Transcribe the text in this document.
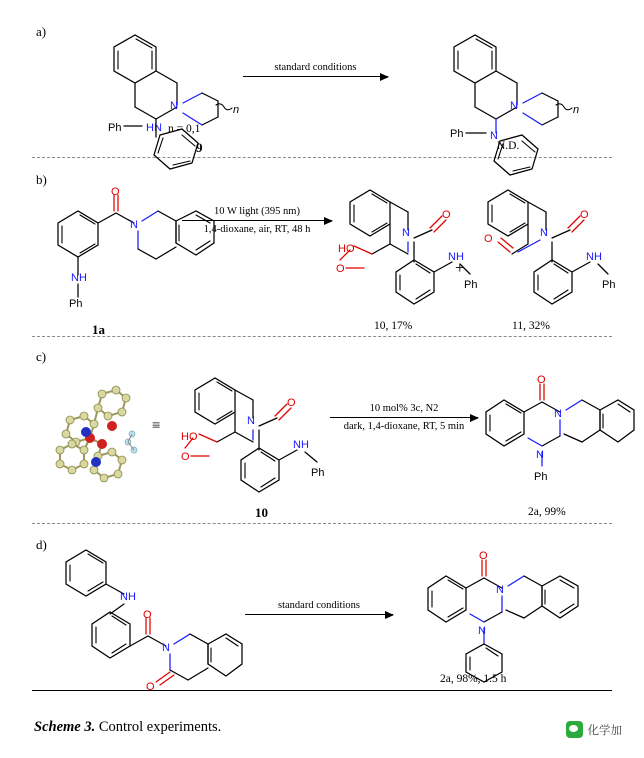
a)
N	n
HN
Ph	n = 0,1
9
standard conditions
N	n
N
Ph
N.D.
b)
O
N
NH
Ph
1a
10 W light (395 nm)
1,4-dioxane, air, RT, 48 h	N
HO
O
O
NH
Ph
10, 17%
+
N
O
O
NH
Ph
11, 32%
c)
≡	N
HO
O
O
NH
Ph
10
10 mol% 3c, N2
dark, 1,4-dioxane, RT, 5 min
O
N
N
Ph
2a, 99%
d)
NH
O
N
O
standard conditions
O
N
N
2a, 98%, 1.5 h
Scheme 3. Control experiments.	化学加
